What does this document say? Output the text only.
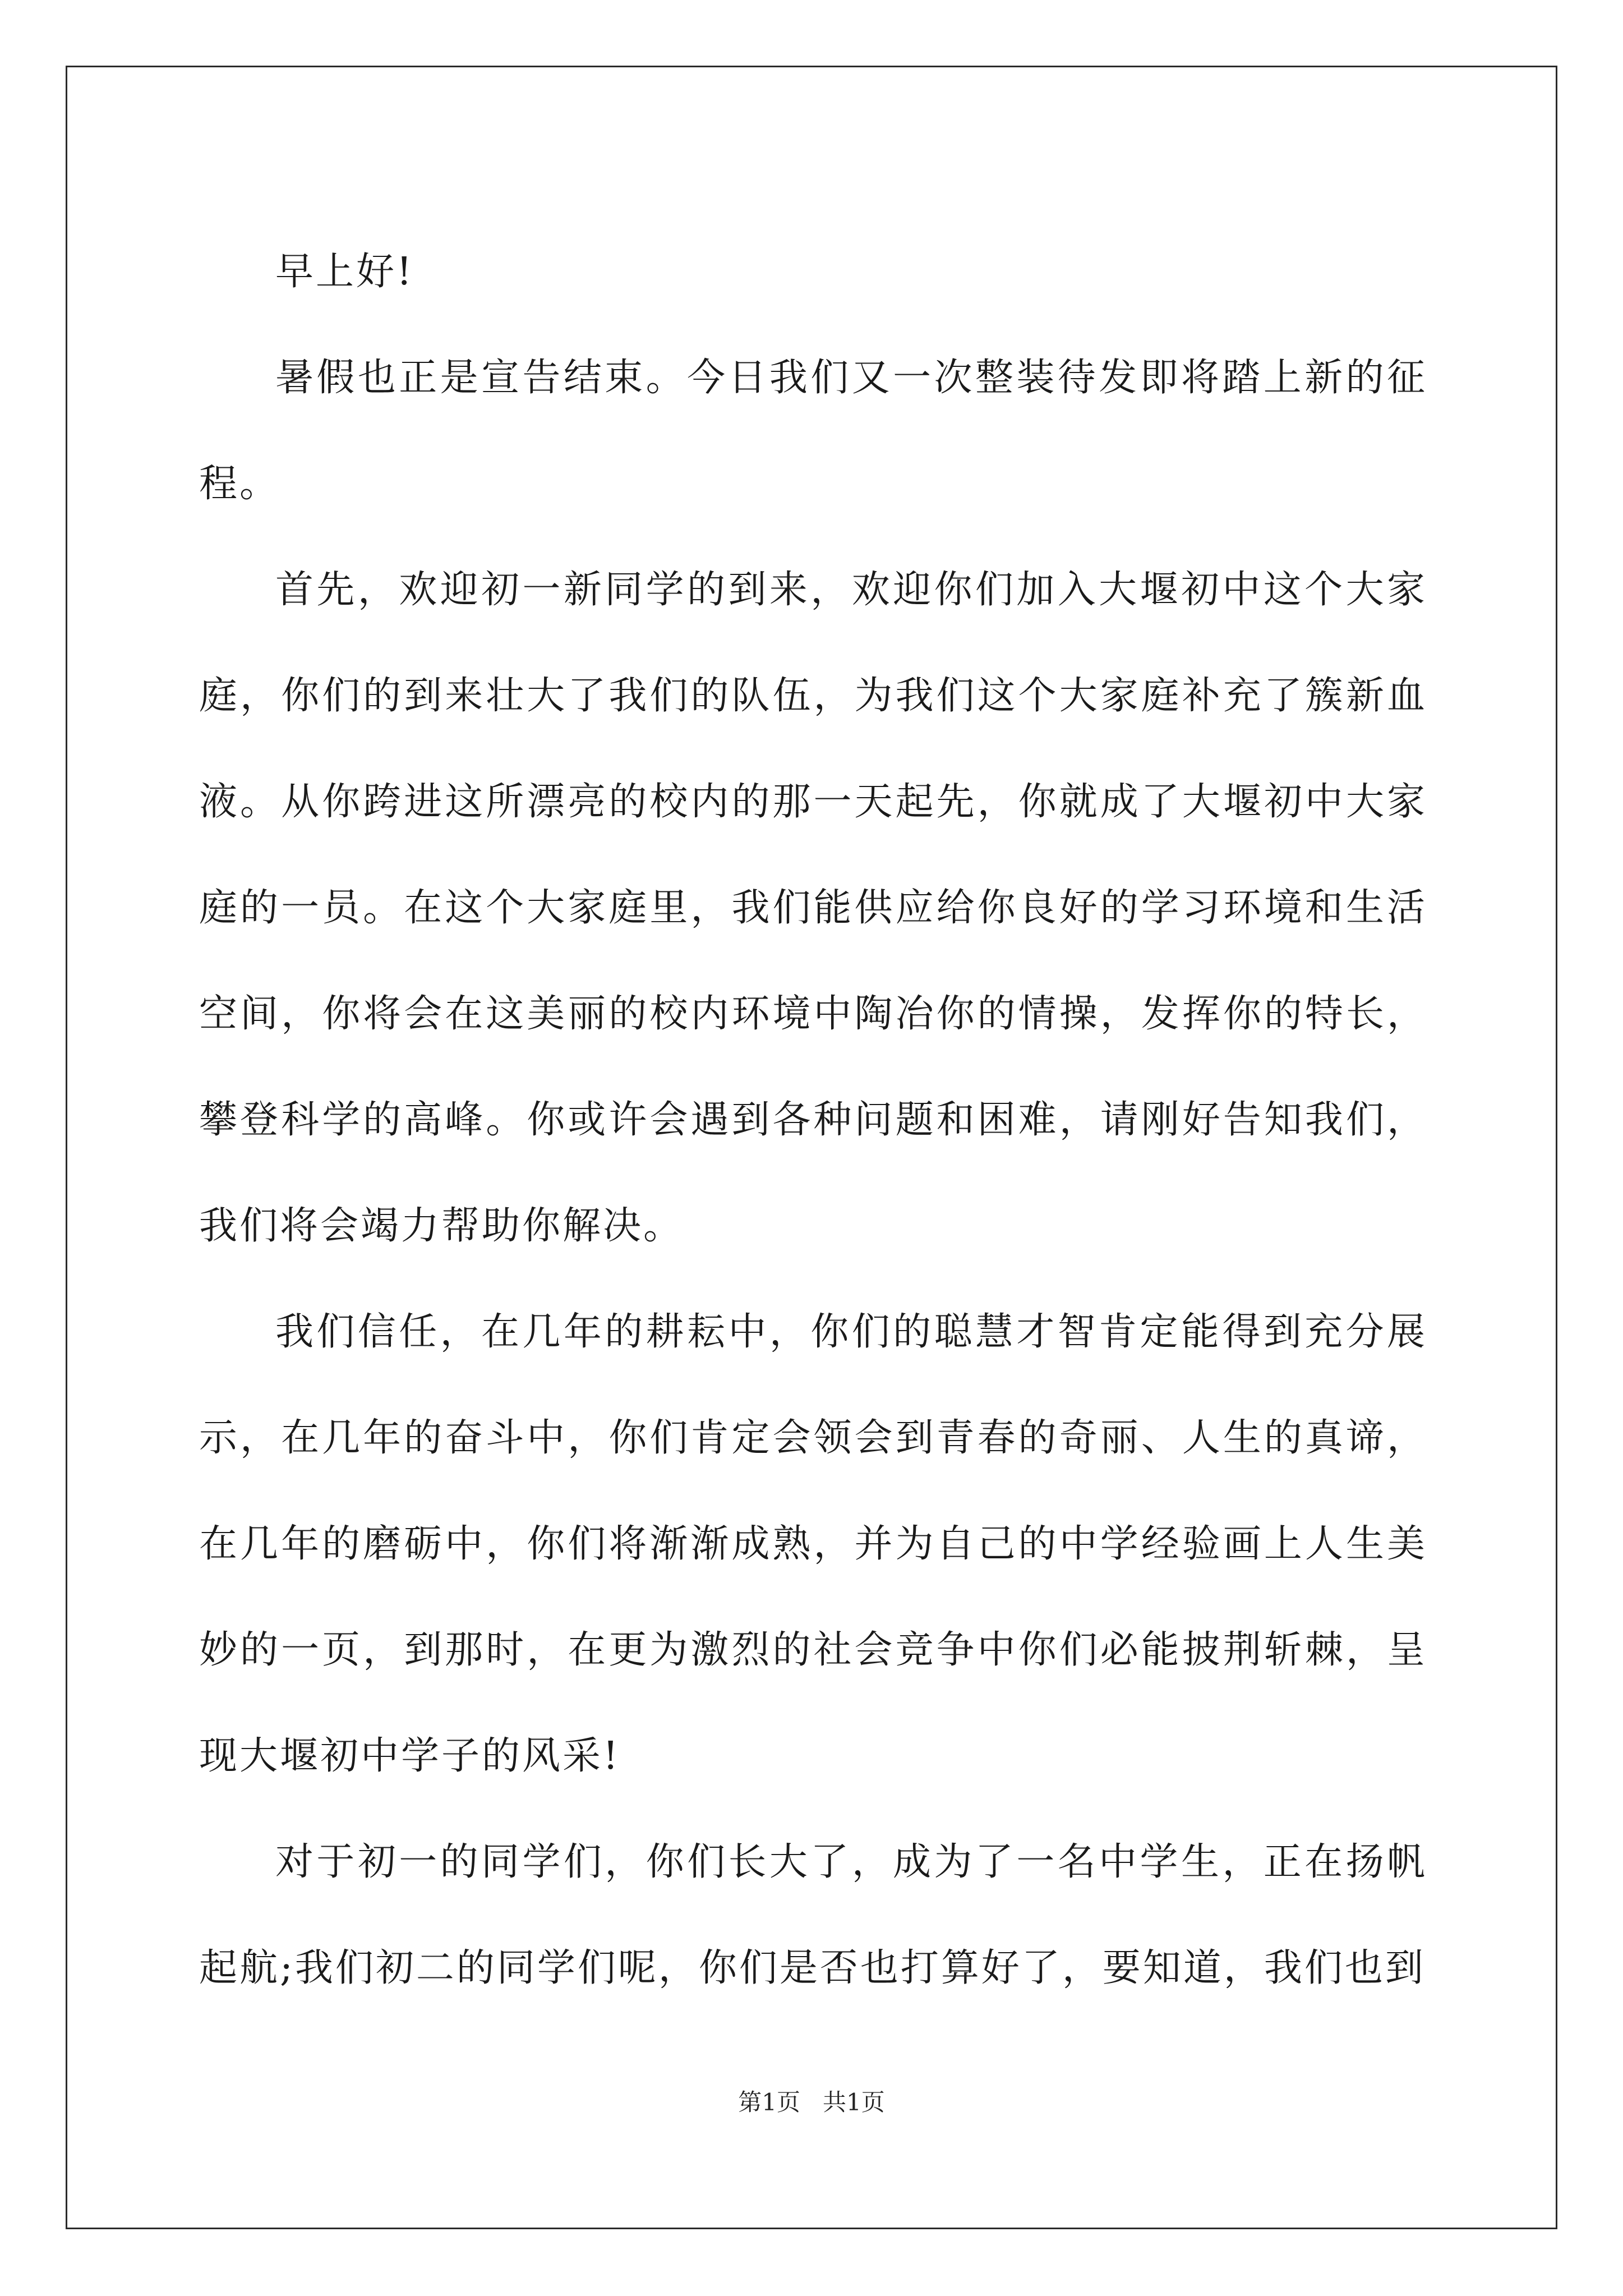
早上好!

暑假也正是宣告结束。今日我们又一次整装待发即将踏上新的征程。

首先，欢迎初一新同学的到来，欢迎你们加入大堰初中这个大家庭，你们的到来壮大了我们的队伍，为我们这个大家庭补充了簇新血液。从你跨进这所漂亮的校内的那一天起先，你就成了大堰初中大家庭的一员。在这个大家庭里，我们能供应给你良好的学习环境和生活空间，你将会在这美丽的校内环境中陶冶你的情操，发挥你的特长，攀登科学的高峰。你或许会遇到各种问题和困难，请刚好告知我们，我们将会竭力帮助你解决。

我们信任，在几年的耕耘中，你们的聪慧才智肯定能得到充分展示，在几年的奋斗中，你们肯定会领会到青春的奇丽、人生的真谛，在几年的磨砺中，你们将渐渐成熟，并为自己的中学经验画上人生美妙的一页，到那时，在更为激烈的社会竞争中你们必能披荆斩棘，呈现大堰初中学子的风采!

对于初一的同学们，你们长大了，成为了一名中学生，正在扬帆起航;我们初二的同学们呢，你们是否也打算好了，要知道，我们也到

第1页 共1页
